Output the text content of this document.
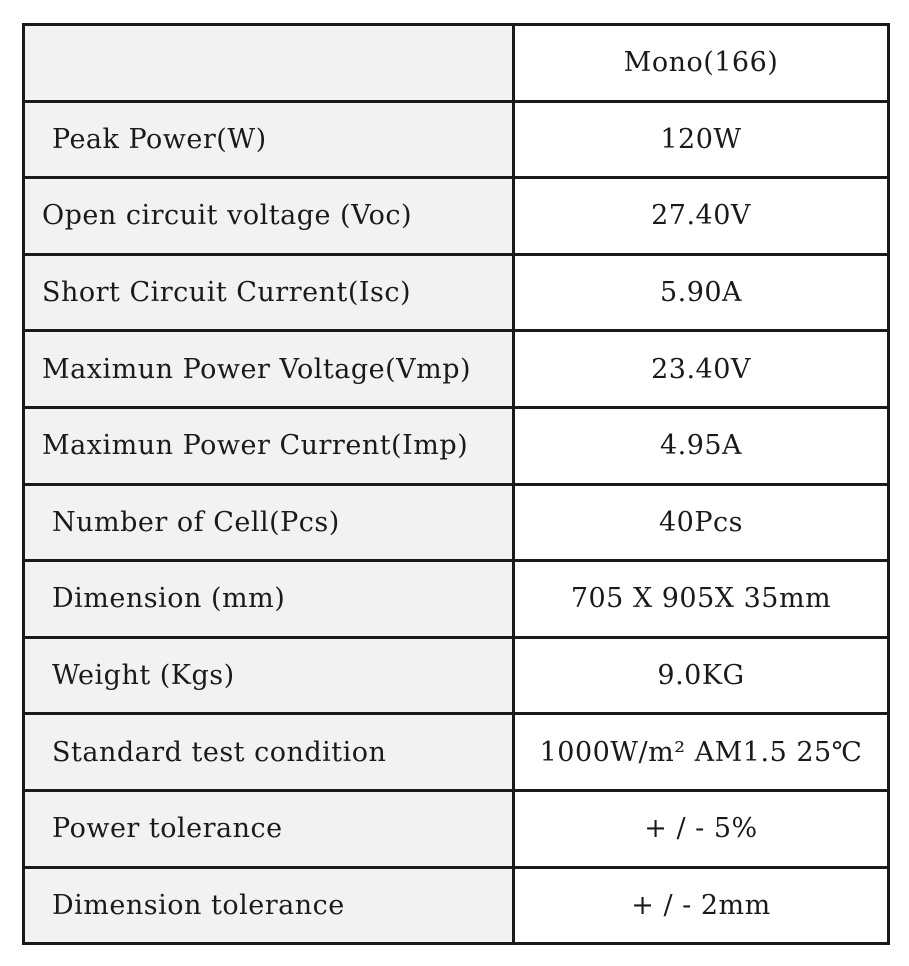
	Mono(166)
Peak Power(W)	120W
Open circuit voltage (Voc)	27.40V
Short Circuit Current(Isc)	5.90A
Maximun Power Voltage(Vmp)	23.40V
Maximun Power Current(Imp)	4.95A
Number of Cell(Pcs)	40Pcs
Dimension (mm)	705 X 905X 35mm
Weight (Kgs)	9.0KG
Standard test condition	1000W/m² AM1.5 25℃
Power tolerance	+ / - 5%
Dimension tolerance	+ / - 2mm
